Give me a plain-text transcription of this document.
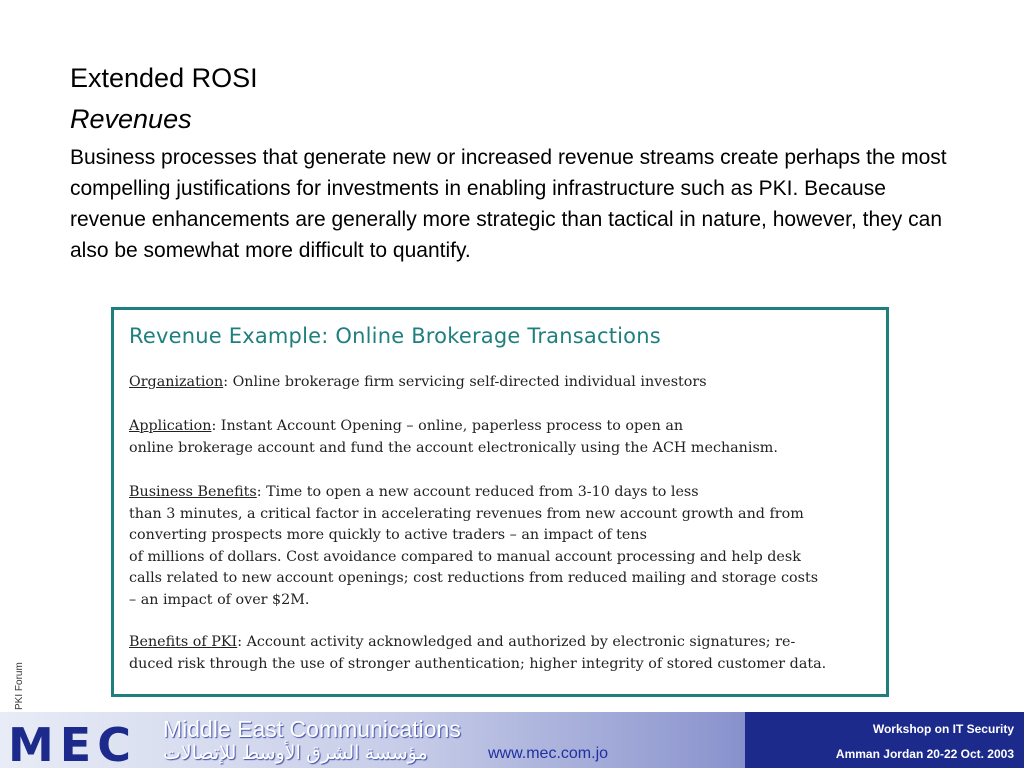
Extended ROSI
Revenues
Business processes that generate new or increased revenue streams create perhaps the most compelling justifications for investments in enabling infrastructure such as PKI. Because revenue enhancements are generally more strategic than tactical in nature, however, they can also be somewhat more difficult to quantify.
Revenue Example: Online Brokerage Transactions
Organization: Online brokerage firm servicing self-directed individual investors
Application: Instant Account Opening – online, paperless process to open an
online brokerage account and fund the account electronically using the ACH mechanism.
Business Benefits: Time to open a new account reduced from 3-10 days to less
than 3 minutes, a critical factor in accelerating revenues from new account growth and from
converting prospects more quickly to active traders – an impact of tens
of millions of dollars. Cost avoidance compared to manual account processing and help desk
calls related to new account openings; cost reductions from reduced mailing and storage costs
– an impact of over $2M.
Benefits of PKI: Account activity acknowledged and authorized by electronic signatures; re-
duced risk through the use of stronger authentication; higher integrity of stored customer data.
PKI Forum
MEC Middle East Communications
مؤسسة الشرق الأوسط للإتصالات	www.mec.com.jo
Workshop on IT Security
Amman Jordan 20-22 Oct. 2003
